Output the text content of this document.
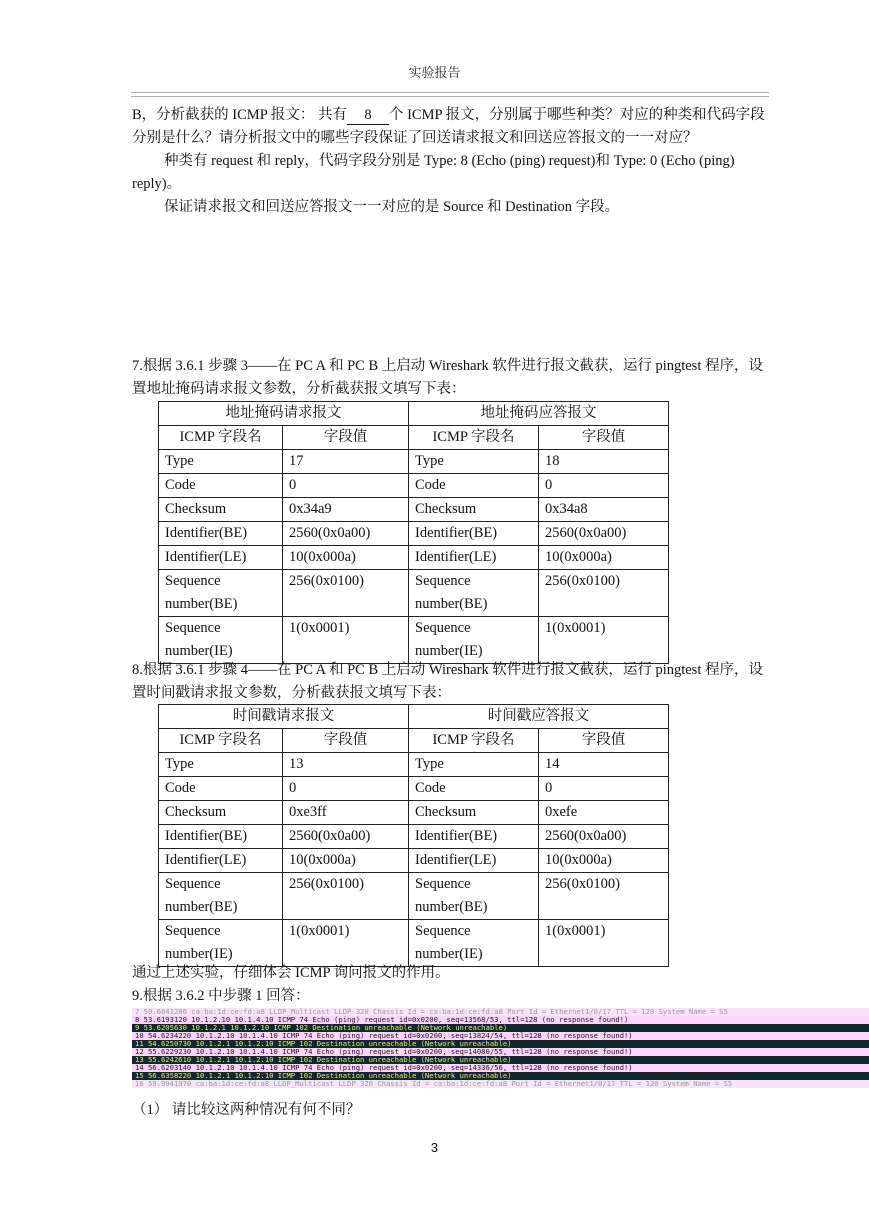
实验报告
B，分析截获的 ICMP 报文： 共有 8 个 ICMP 报文，分别属于哪些种类？对应的种类和代码字段分别是什么？请分析报文中的哪些字段保证了回送请求报文和回送应答报文的一一对应？
种类有 request 和 reply，代码字段分别是 Type: 8 (Echo (ping) request)和 Type: 0 (Echo (ping) reply)。
保证请求报文和回送应答报文一一对应的是 Source 和 Destination 字段。
7.根据 3.6.1 步骤 3——在 PC A 和 PC B 上启动 Wireshark 软件进行报文截获，运行 pingtest 程序，设置地址掩码请求报文参数，分析截获报文填写下表：
地址掩码请求报文		地址掩码应答报文	
ICMP 字段名	字段值	ICMP 字段名	字段值
Type	17	Type	18
Code	0	Code	0
Checksum	0x34a9	Checksum	0x34a8
Identifier(BE)	2560(0x0a00)	Identifier(BE)	2560(0x0a00)
Identifier(LE)	10(0x000a)	Identifier(LE)	10(0x000a)
Sequence number(BE)	256(0x0100)	Sequence number(BE)	256(0x0100)
Sequence number(IE)	1(0x0001)	Sequence number(IE)	1(0x0001)
8.根据 3.6.1 步骤 4——在 PC A 和 PC B 上启动 Wireshark 软件进行报文截获，运行 pingtest 程序，设置时间戳请求报文参数，分析截获报文填写下表：
时间戳请求报文		时间戳应答报文	
ICMP 字段名	字段值	ICMP 字段名	字段值
Type	13	Type	14
Code	0	Code	0
Checksum	0xe3ff	Checksum	0xefe
Identifier(BE)	2560(0x0a00)	Identifier(BE)	2560(0x0a00)
Identifier(LE)	10(0x000a)	Identifier(LE)	10(0x000a)
Sequence number(BE)	256(0x0100)	Sequence number(BE)	256(0x0100)
Sequence number(IE)	1(0x0001)	Sequence number(IE)	1(0x0001)
通过上述实验，仔细体会 ICMP 询问报文的作用。
9.根据 3.6.2 中步骤 1 回答：
7 50.6041280 ca:ba:1d:ce:fd:a8 LLDP_Multicast LLDP 320 Chassis Id = ca:ba:1d:ce:fd:a8 Port Id = Ethernet1/0/17 TTL = 120 System Name = S5
8 53.6193120 10.1.2.10 10.1.4.10 ICMP 74 Echo (ping) request id=0x0200, seq=13568/53, ttl=128 (no response found!)
9 53.6205630 10.1.2.1 10.1.2.10 ICMP 102 Destination unreachable (Network unreachable)
10 54.6234220 10.1.2.10 10.1.4.10 ICMP 74 Echo (ping) request id=0x0200, seq=13824/54, ttl=128 (no response found!)
11 54.6250730 10.1.2.1 10.1.2.10 ICMP 102 Destination unreachable (Network unreachable)
12 55.6229230 10.1.2.10 10.1.4.10 ICMP 74 Echo (ping) request id=0x0200, seq=14080/55, ttl=128 (no response found!)
13 55.6242610 10.1.2.1 10.1.2.10 ICMP 102 Destination unreachable (Network unreachable)
14 56.6203140 10.1.2.10 10.1.4.10 ICMP 74 Echo (ping) request id=0x0200, seq=14336/56, ttl=128 (no response found!)
15 56.6358220 10.1.2.1 10.1.2.10 ICMP 102 Destination unreachable (Network unreachable)
16 59.9941970 ca:ba:1d:ce:fd:a8 LLDP_Multicast LLDP 320 Chassis Id = ca:ba:1d:ce:fd:a8 Port Id = Ethernet1/0/17 TTL = 120 System Name = S5
（1） 请比较这两种情况有何不同？
3
